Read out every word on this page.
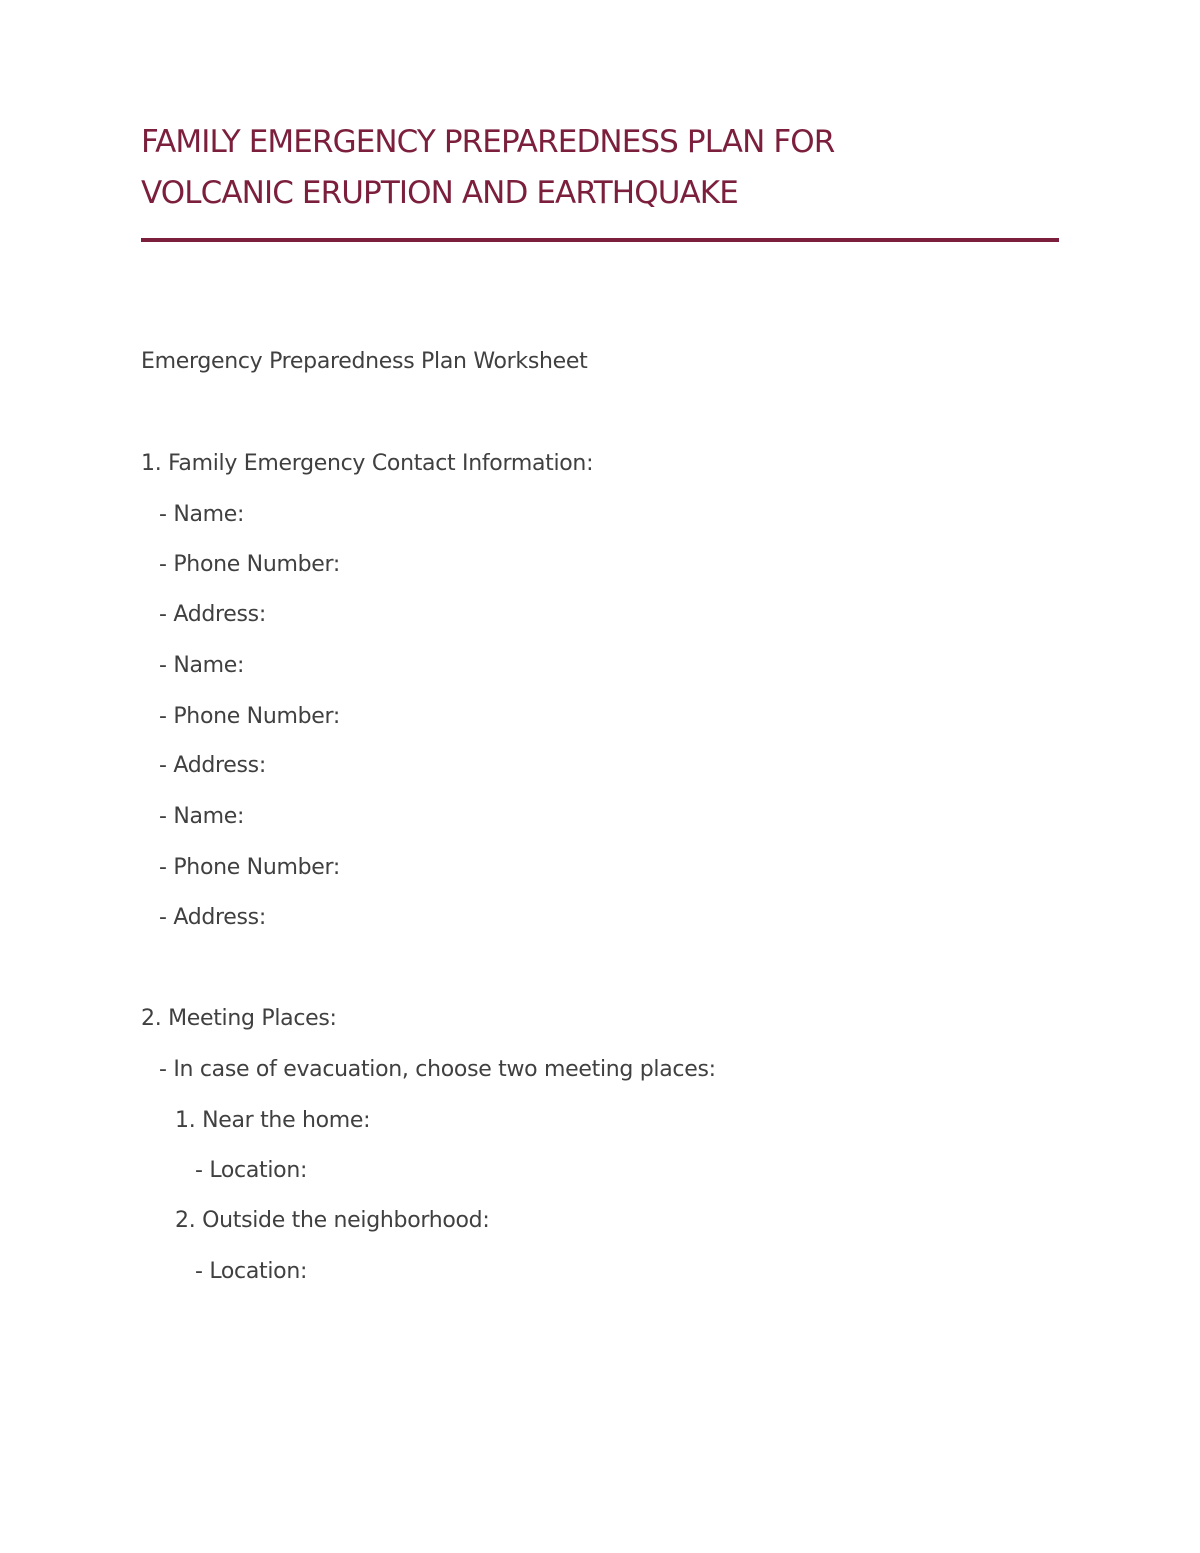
FAMILY EMERGENCY PREPAREDNESS PLAN FOR
VOLCANIC ERUPTION AND EARTHQUAKE
Emergency Preparedness Plan Worksheet
1. Family Emergency Contact Information:
- Name:
- Phone Number:
- Address:
- Name:
- Phone Number:
- Address:
- Name:
- Phone Number:
- Address:
2. Meeting Places:
- In case of evacuation, choose two meeting places:
1. Near the home:
- Location:
2. Outside the neighborhood:
- Location:
